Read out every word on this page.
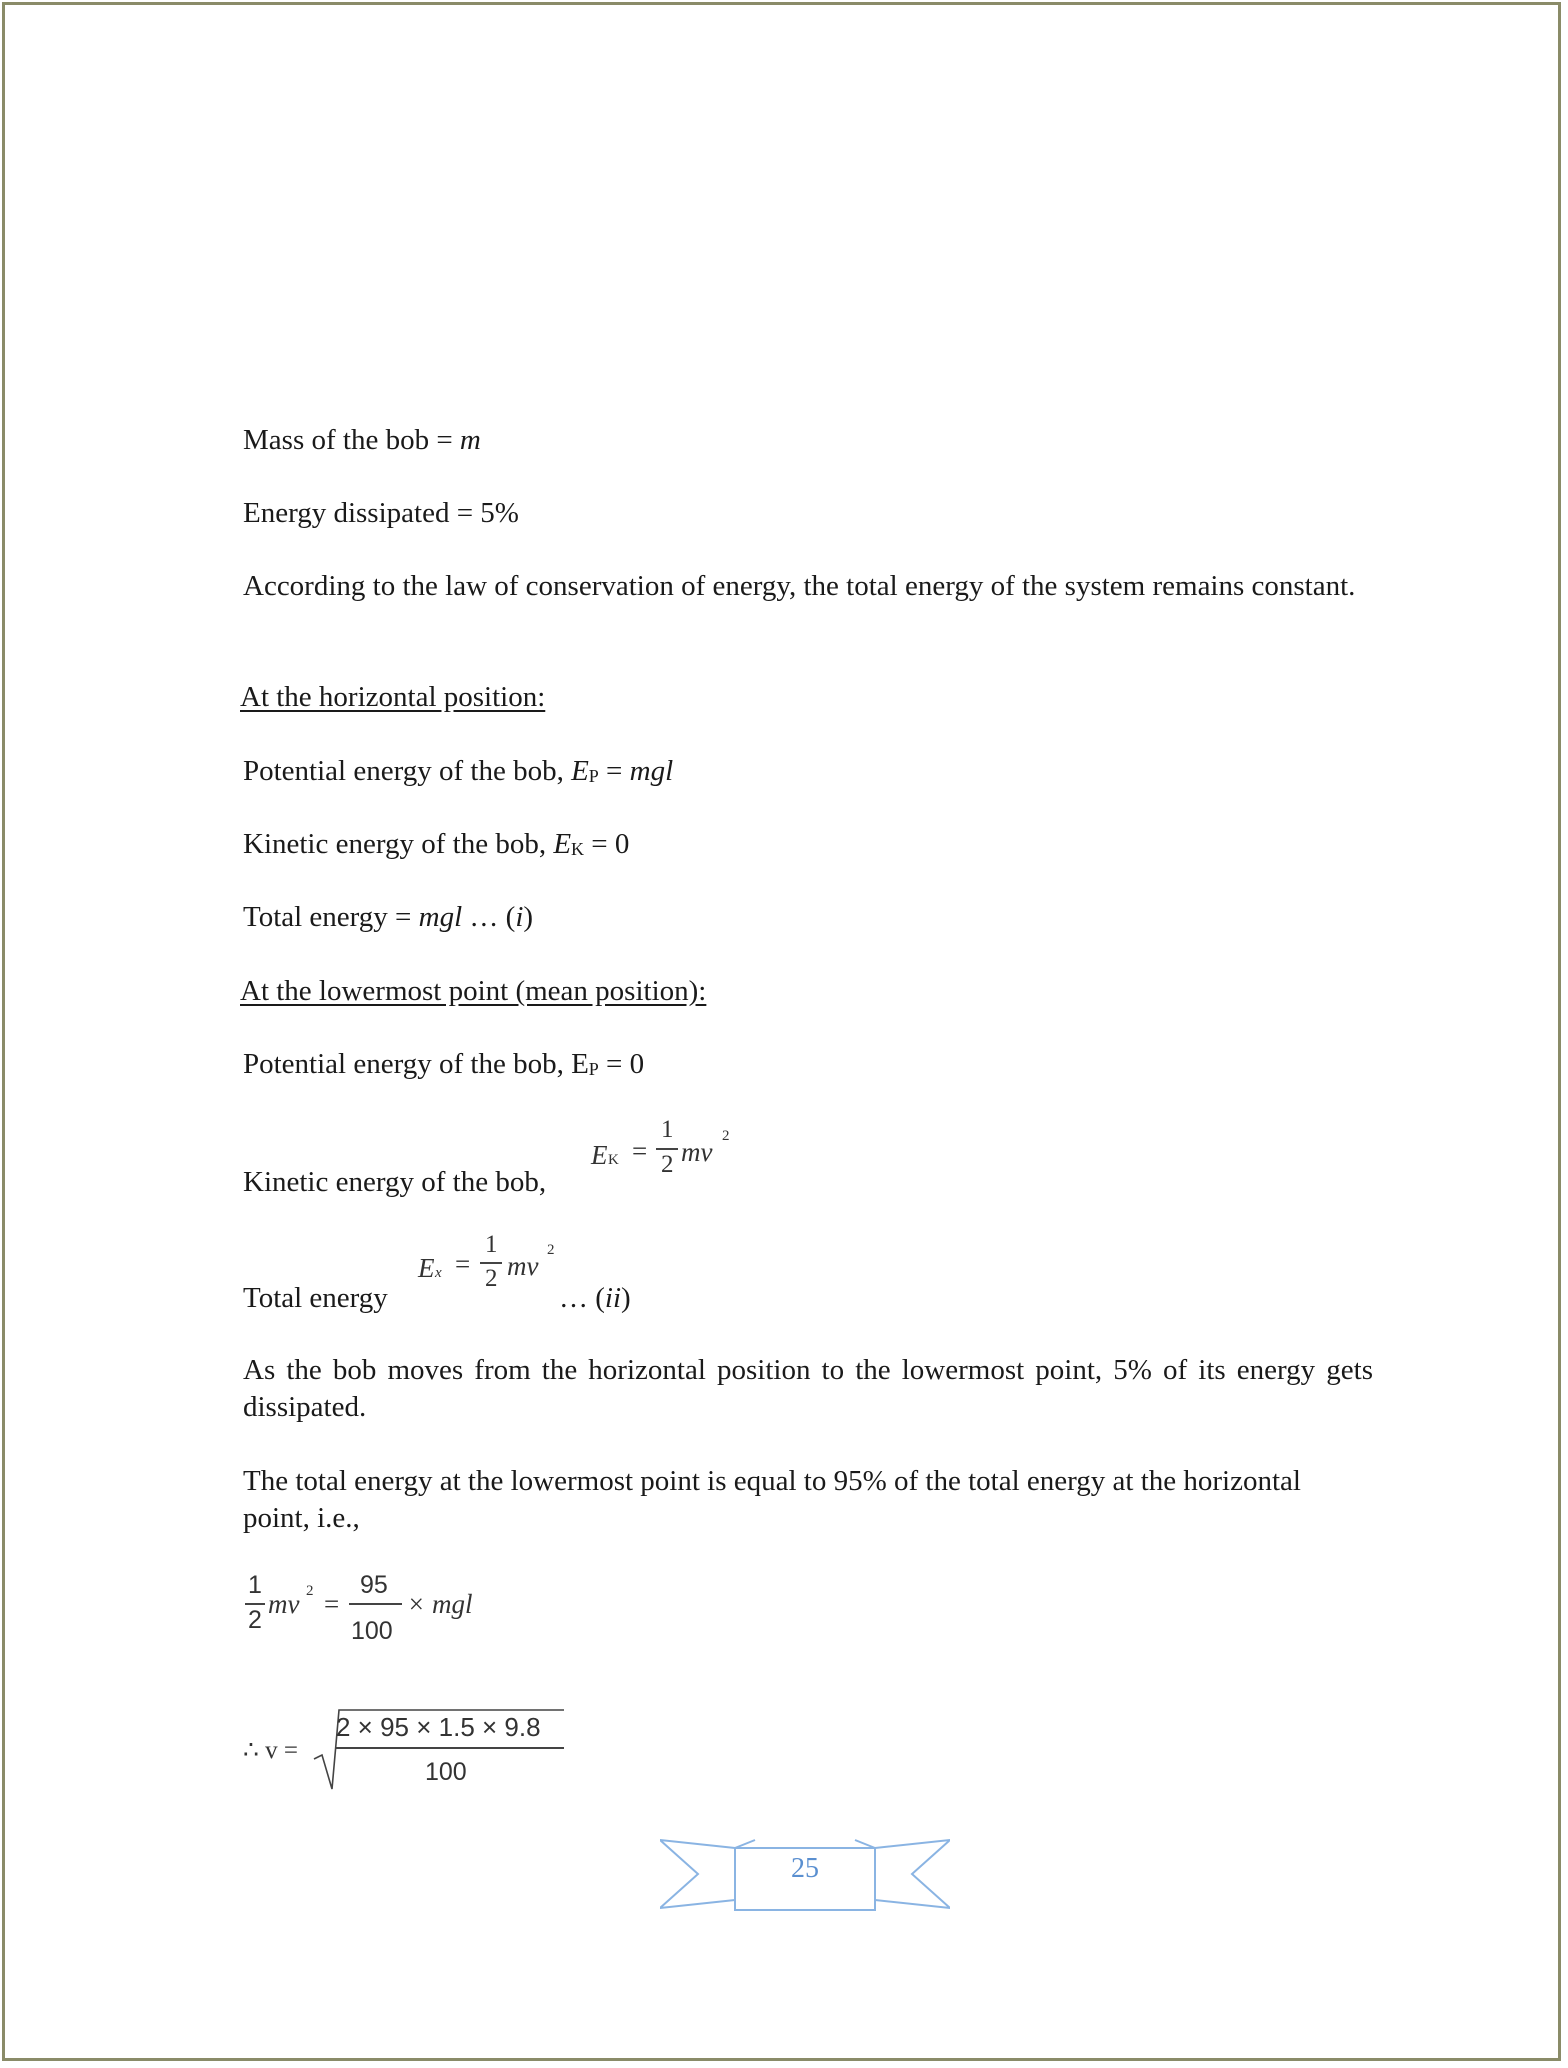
Mass of the bob = m
Energy dissipated = 5%
According to the law of conservation of energy, the total energy of the system remains constant.
At the horizontal position:
Potential energy of the bob, EP = mgl
Kinetic energy of the bob, EK = 0
Total energy = mgl … (i)
At the lowermost point (mean position):
Potential energy of the bob, EP = 0
Kinetic energy of the bob,
E K =
1
2 mv
2
Total energy
E x =
1
2 mv
2
… (ii)
As the bob moves from the horizontal position to the lowermost point, 5% of its energy gets dissipated.
The total energy at the lowermost point is equal to 95% of the total energy at the horizontal point, i.e.,
1
2
mv 2 =
95
100
× mgl
∴ v =
2 × 95 × 1.5 × 9.8
100
25
